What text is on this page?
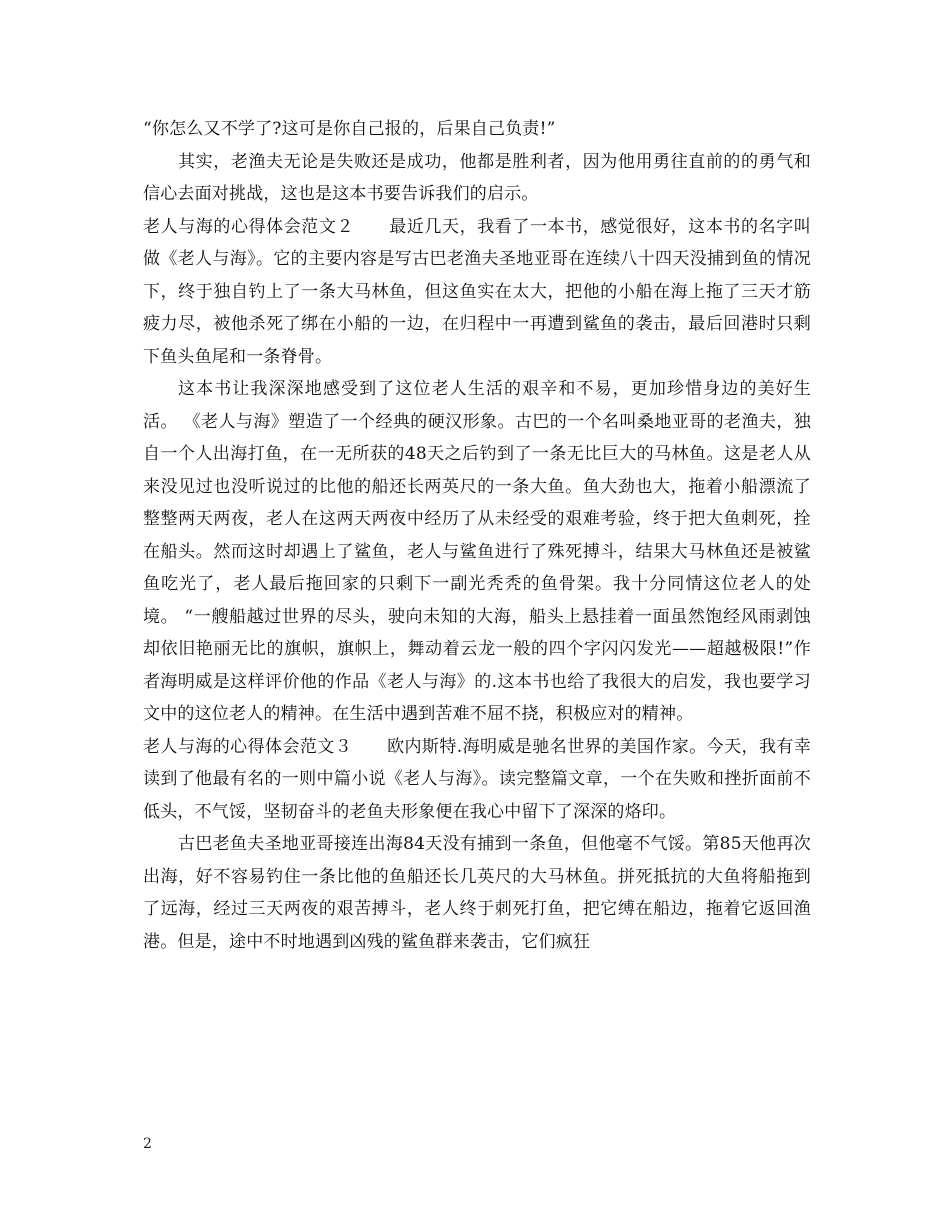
“你怎么又不学了?这可是你自己报的，后果自己负责!”

其实，老渔夫无论是失败还是成功，他都是胜利者，因为他用勇往直前的的勇气和信心去面对挑战，这也是这本书要告诉我们的启示。

老人与海的心得体会范文２　　 最近几天，我看了一本书，感觉很好，这本书的名字叫做《老人与海》。它的主要内容是写古巴老渔夫圣地亚哥在连续八十四天没捕到鱼的情况下，终于独自钓上了一条大马林鱼，但这鱼实在太大，把他的小船在海上拖了三天才筋疲力尽，被他杀死了绑在小船的一边，在归程中一再遭到鲨鱼的袭击，最后回港时只剩下鱼头鱼尾和一条脊骨。

这本书让我深深地感受到了这位老人生活的艰辛和不易，更加珍惜身边的美好生活。 《老人与海》塑造了一个经典的硬汉形象。古巴的一个名叫桑地亚哥的老渔夫，独自一个人出海打鱼，在一无所获的48天之后钓到了一条无比巨大的马林鱼。这是老人从来没见过也没听说过的比他的船还长两英尺的一条大鱼。鱼大劲也大，拖着小船漂流了整整两天两夜，老人在这两天两夜中经历了从未经受的艰难考验，终于把大鱼刺死，拴在船头。然而这时却遇上了鲨鱼，老人与鲨鱼进行了殊死搏斗，结果大马林鱼还是被鲨鱼吃光了，老人最后拖回家的只剩下一副光秃秃的鱼骨架。我十分同情这位老人的处境。 “一艘船越过世界的尽头，驶向未知的大海，船头上悬挂着一面虽然饱经风雨剥蚀却依旧艳丽无比的旗帜，旗帜上，舞动着云龙一般的四个字闪闪发光——超越极限!”作者海明威是这样评价他的作品《老人与海》的.这本书也给了我很大的启发，我也要学习文中的这位老人的精神。在生活中遇到苦难不屈不挠，积极应对的精神。

老人与海的心得体会范文３　　 欧内斯特.海明威是驰名世界的美国作家。今天，我有幸读到了他最有名的一则中篇小说《老人与海》。读完整篇文章，一个在失败和挫折面前不低头，不气馁，坚韧奋斗的老鱼夫形象便在我心中留下了深深的烙印。

古巴老鱼夫圣地亚哥接连出海84天没有捕到一条鱼，但他毫不气馁。第85天他再次出海，好不容易钓住一条比他的鱼船还长几英尺的大马林鱼。拼死抵抗的大鱼将船拖到了远海，经过三天两夜的艰苦搏斗，老人终于刺死打鱼，把它缚在船边，拖着它返回渔港。但是，途中不时地遇到凶残的鲨鱼群来袭击，它们疯狂

2
